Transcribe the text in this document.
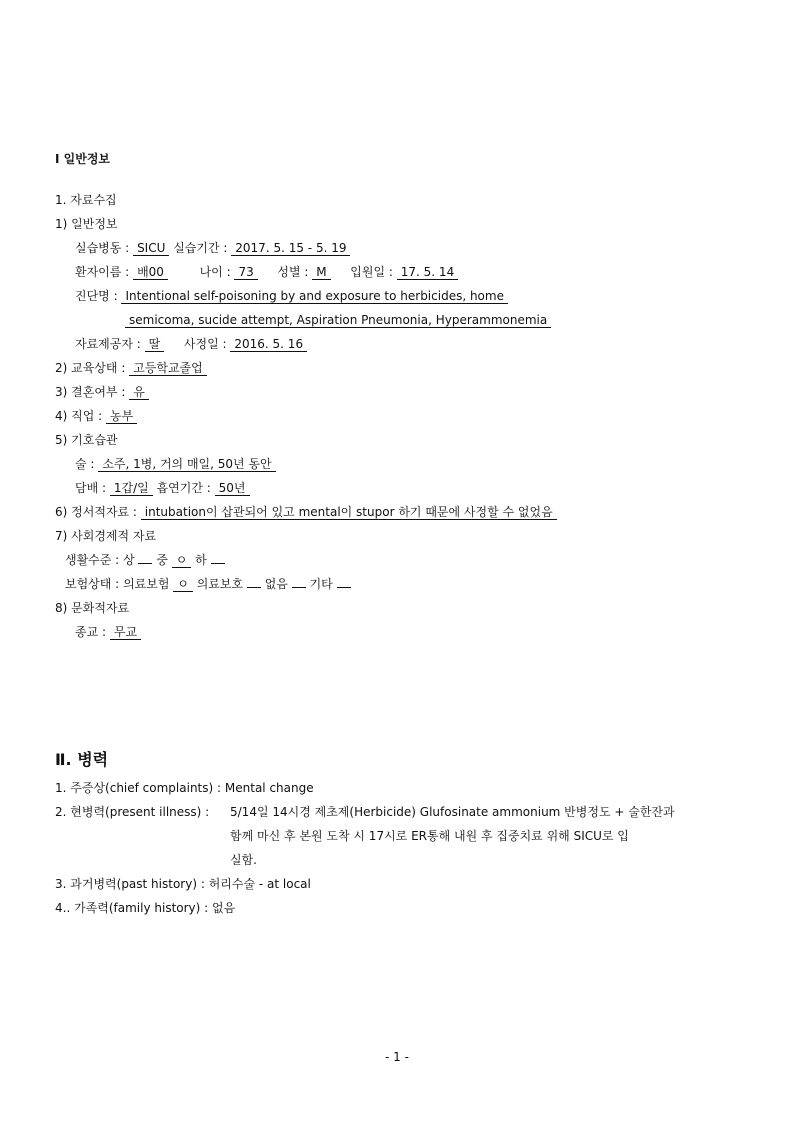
Ⅰ 일반정보
1. 자료수집
1) 일반정보
실습병동 : SICU 실습기간 : 2017. 5. 15 - 5. 19
환자이름 : 배00	나이 : 73 성별 : M 입원일 : 17. 5. 14
진단명 : Intentional self-poisoning by and exposure to herbicides, home
semicoma, sucide attempt, Aspiration Pneumonia, Hyperammonemia
자료제공자 : 딸 사정일 : 2016. 5. 16
2) 교육상태 : 고등학교졸업
3) 결혼여부 : 유
4) 직업 : 농부
5) 기호습관
술 : 소주, 1병, 거의 매일, 50년 동안
담배 : 1갑/일 흡연기간 : 50년
6) 정서적자료 : intubation이 삽관되어 있고 mental이 stupor 하기 때문에 사정할 수 없었음
7) 사회경제적 자료
생활수준 : 상 중 ㅇ 하
보험상태 : 의료보험 ㅇ 의료보호 없음 기타
8) 문화적자료
종교 : 무교
Ⅱ. 병력
1. 주증상(chief complaints) : Mental change
2. 현병력(present illness) : 5/14일 14시경 제초제(Herbicide) Glufosinate ammonium 반병정도 + 술한잔과
함께 마신 후 본원 도착 시 17시로 ER통해 내원 후 집중치료 위해 SICU로 입
실함.
3. 과거병력(past history) : 허리수술 - at local
4.. 가족력(family history) : 없음
- 1 -
